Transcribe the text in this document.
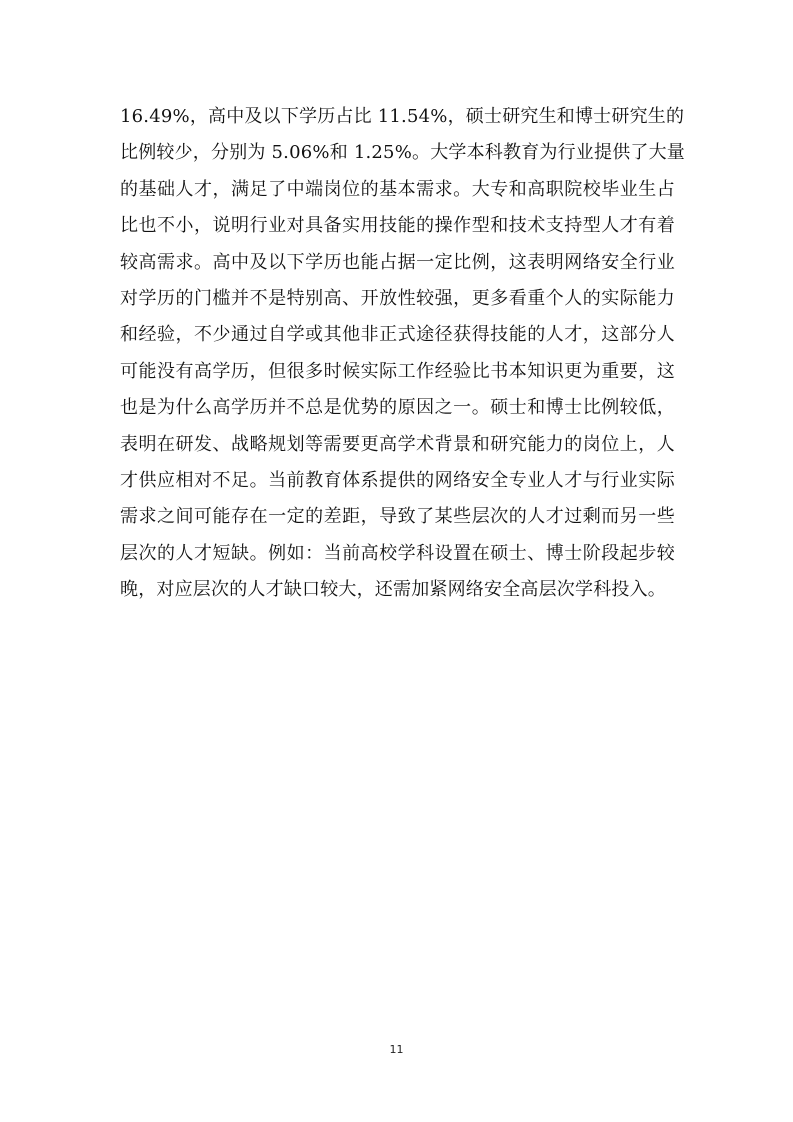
16.49%，高中及以下学历占比 11.54%，硕士研究生和博士研究生的
比例较少，分别为 5.06%和 1.25%。大学本科教育为行业提供了大量
的基础人才，满足了中端岗位的基本需求。大专和高职院校毕业生占
比也不小，说明行业对具备实用技能的操作型和技术支持型人才有着
较高需求。高中及以下学历也能占据一定比例，这表明网络安全行业
对学历的门槛并不是特别高、开放性较强，更多看重个人的实际能力
和经验，不少通过自学或其他非正式途径获得技能的人才，这部分人
可能没有高学历，但很多时候实际工作经验比书本知识更为重要，这
也是为什么高学历并不总是优势的原因之一。硕士和博士比例较低，
表明在研发、战略规划等需要更高学术背景和研究能力的岗位上，人
才供应相对不足。当前教育体系提供的网络安全专业人才与行业实际
需求之间可能存在一定的差距，导致了某些层次的人才过剩而另一些
层次的人才短缺。例如：当前高校学科设置在硕士、博士阶段起步较
晚，对应层次的人才缺口较大，还需加紧网络安全高层次学科投入。

11
